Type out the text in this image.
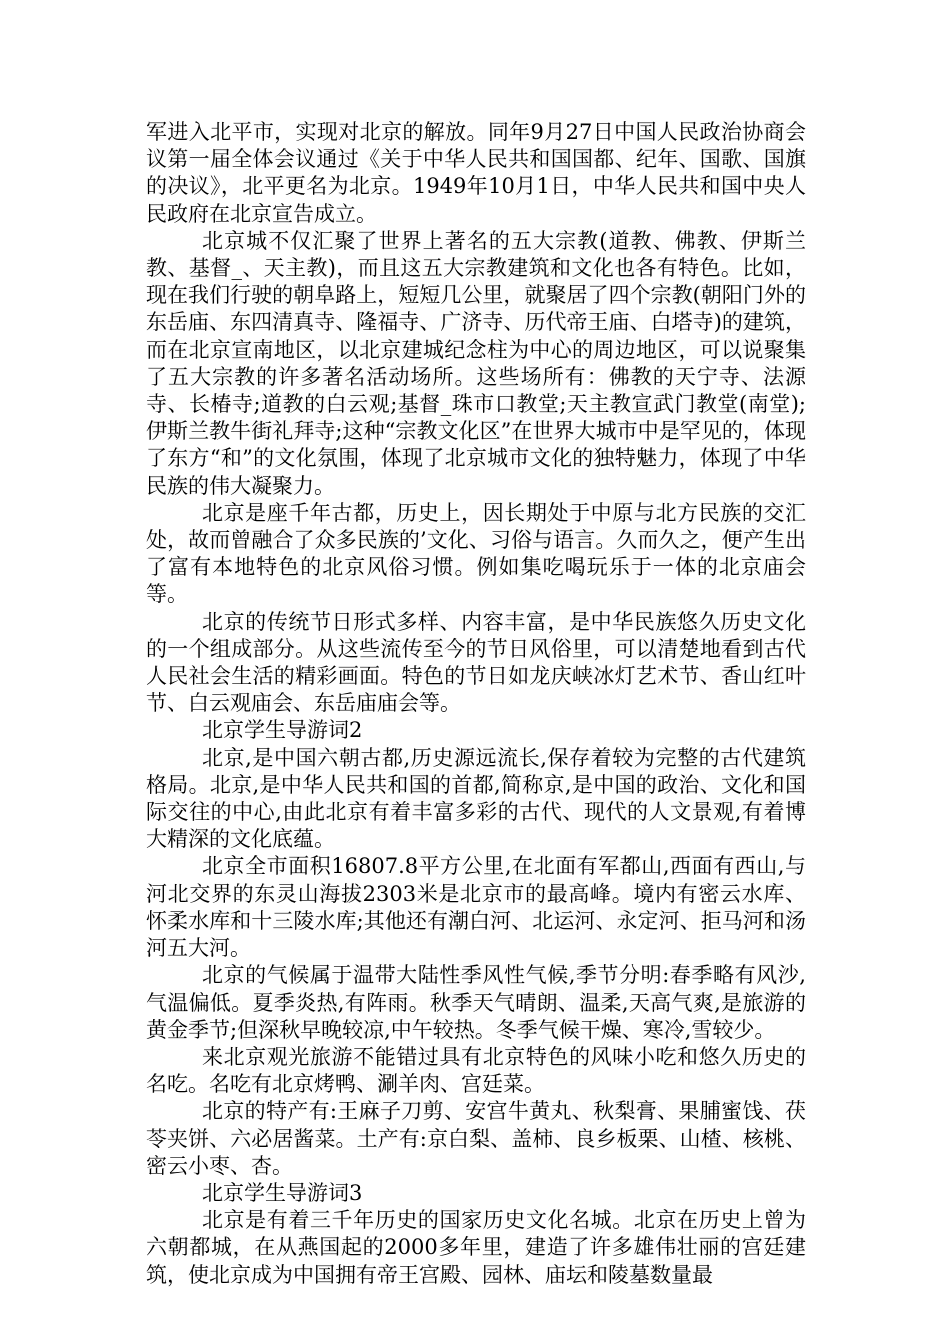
军进入北平市，实现对北京的解放。同年9月27日中国人民政治协商会议第一届全体会议通过《关于中华人民共和国国都、纪年、国歌、国旗的决议》，北平更名为北京。1949年10月1日，中华人民共和国中央人民政府在北京宣告成立。

北京城不仅汇聚了世界上著名的五大宗教(道教、佛教、伊斯兰教、基督_、天主教)，而且这五大宗教建筑和文化也各有特色。比如，现在我们行驶的朝阜路上，短短几公里，就聚居了四个宗教(朝阳门外的东岳庙、东四清真寺、隆福寺、广济寺、历代帝王庙、白塔寺)的建筑，而在北京宣南地区，以北京建城纪念柱为中心的周边地区，可以说聚集了五大宗教的许多著名活动场所。这些场所有：佛教的天宁寺、法源寺、长椿寺;道教的白云观;基督_珠市口教堂;天主教宣武门教堂(南堂);伊斯兰教牛街礼拜寺;这种“宗教文化区”在世界大城市中是罕见的，体现了东方“和”的文化氛围，体现了北京城市文化的独特魅力，体现了中华民族的伟大凝聚力。

北京是座千年古都，历史上，因长期处于中原与北方民族的交汇处，故而曾融合了众多民族的’文化、习俗与语言。久而久之，便产生出了富有本地特色的北京风俗习惯。例如集吃喝玩乐于一体的北京庙会等。

北京的传统节日形式多样、内容丰富，是中华民族悠久历史文化的一个组成部分。从这些流传至今的节日风俗里，可以清楚地看到古代人民社会生活的精彩画面。特色的节日如龙庆峡冰灯艺术节、香山红叶节、白云观庙会、东岳庙庙会等。

北京学生导游词2

北京,是中国六朝古都,历史源远流长,保存着较为完整的古代建筑格局。北京,是中华人民共和国的首都,简称京,是中国的政治、文化和国际交往的中心,由此北京有着丰富多彩的古代、现代的人文景观,有着博大精深的文化底蕴。

北京全市面积16807.8平方公里,在北面有军都山,西面有西山,与河北交界的东灵山海拔2303米是北京市的最高峰。境内有密云水库、怀柔水库和十三陵水库;其他还有潮白河、北运河、永定河、拒马河和汤河五大河。

北京的气候属于温带大陆性季风性气候,季节分明:春季略有风沙,气温偏低。夏季炎热,有阵雨。秋季天气晴朗、温柔,天高气爽,是旅游的黄金季节;但深秋早晚较凉,中午较热。冬季气候干燥、寒冷,雪较少。

来北京观光旅游不能错过具有北京特色的风味小吃和悠久历史的名吃。名吃有北京烤鸭、涮羊肉、宫廷菜。

北京的特产有:王麻子刀剪、安宫牛黄丸、秋梨膏、果脯蜜饯、茯苓夹饼、六必居酱菜。土产有:京白梨、盖柿、良乡板栗、山楂、核桃、密云小枣、杏。

北京学生导游词3

北京是有着三千年历史的国家历史文化名城。北京在历史上曾为六朝都城，在从燕国起的2000多年里，建造了许多雄伟壮丽的宫廷建筑，使北京成为中国拥有帝王宫殿、园林、庙坛和陵墓数量最
